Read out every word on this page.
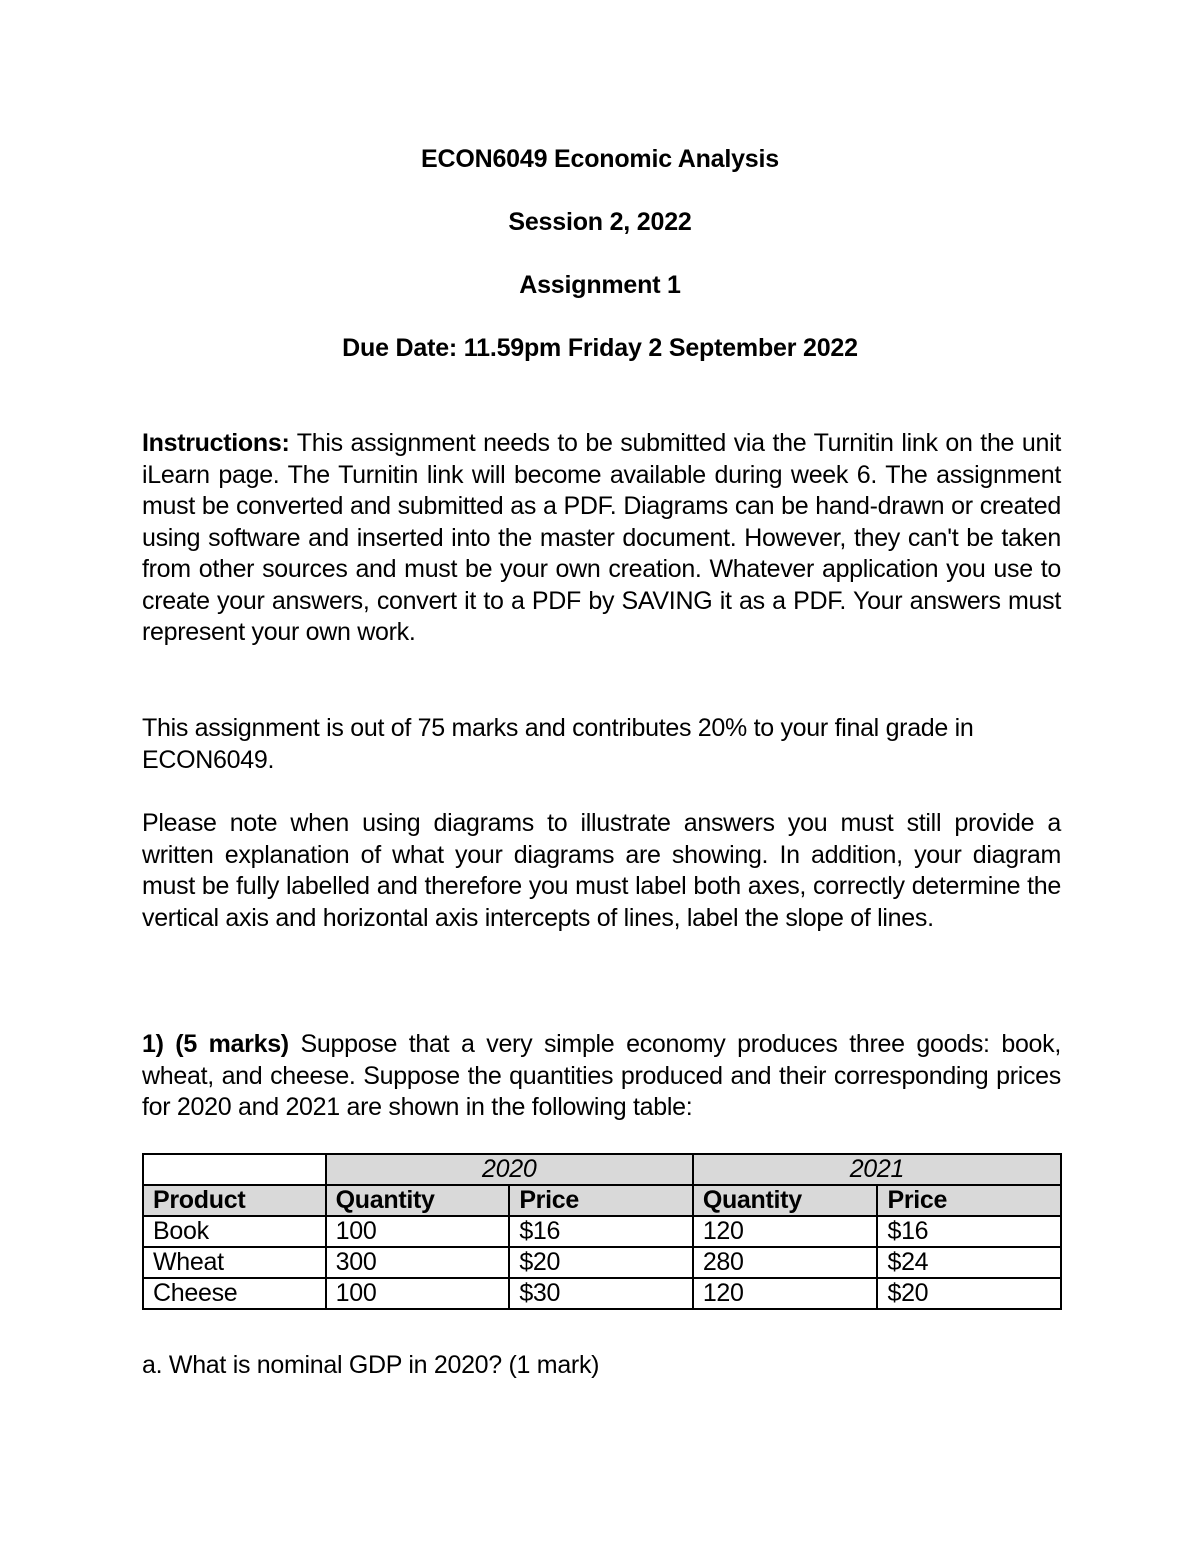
ECON6049 Economic Analysis
Session 2, 2022
Assignment 1
Due Date: 11.59pm Friday 2 September 2022
Instructions: This assignment needs to be submitted via the Turnitin link on the unit iLearn page. The Turnitin link will become available during week 6. The assignment must be converted and submitted as a PDF. Diagrams can be hand-drawn or created using software and inserted into the master document. However, they can't be taken from other sources and must be your own creation. Whatever application you use to create your answers, convert it to a PDF by SAVING it as a PDF. Your answers must represent your own work.
This assignment is out of 75 marks and contributes 20% to your final grade in ECON6049.
Please note when using diagrams to illustrate answers you must still provide a written explanation of what your diagrams are showing. In addition, your diagram must be fully labelled and therefore you must label both axes, correctly determine the vertical axis and horizontal axis intercepts of lines, label the slope of lines.
1) (5 marks) Suppose that a very simple economy produces three goods: book, wheat, and cheese. Suppose the quantities produced and their corresponding prices for 2020 and 2021 are shown in the following table:
	2020		2021	
Product	Quantity	Price	Quantity	Price
Book	100	$16	120	$16
Wheat	300	$20	280	$24
Cheese	100	$30	120	$20
a. What is nominal GDP in 2020? (1 mark)
